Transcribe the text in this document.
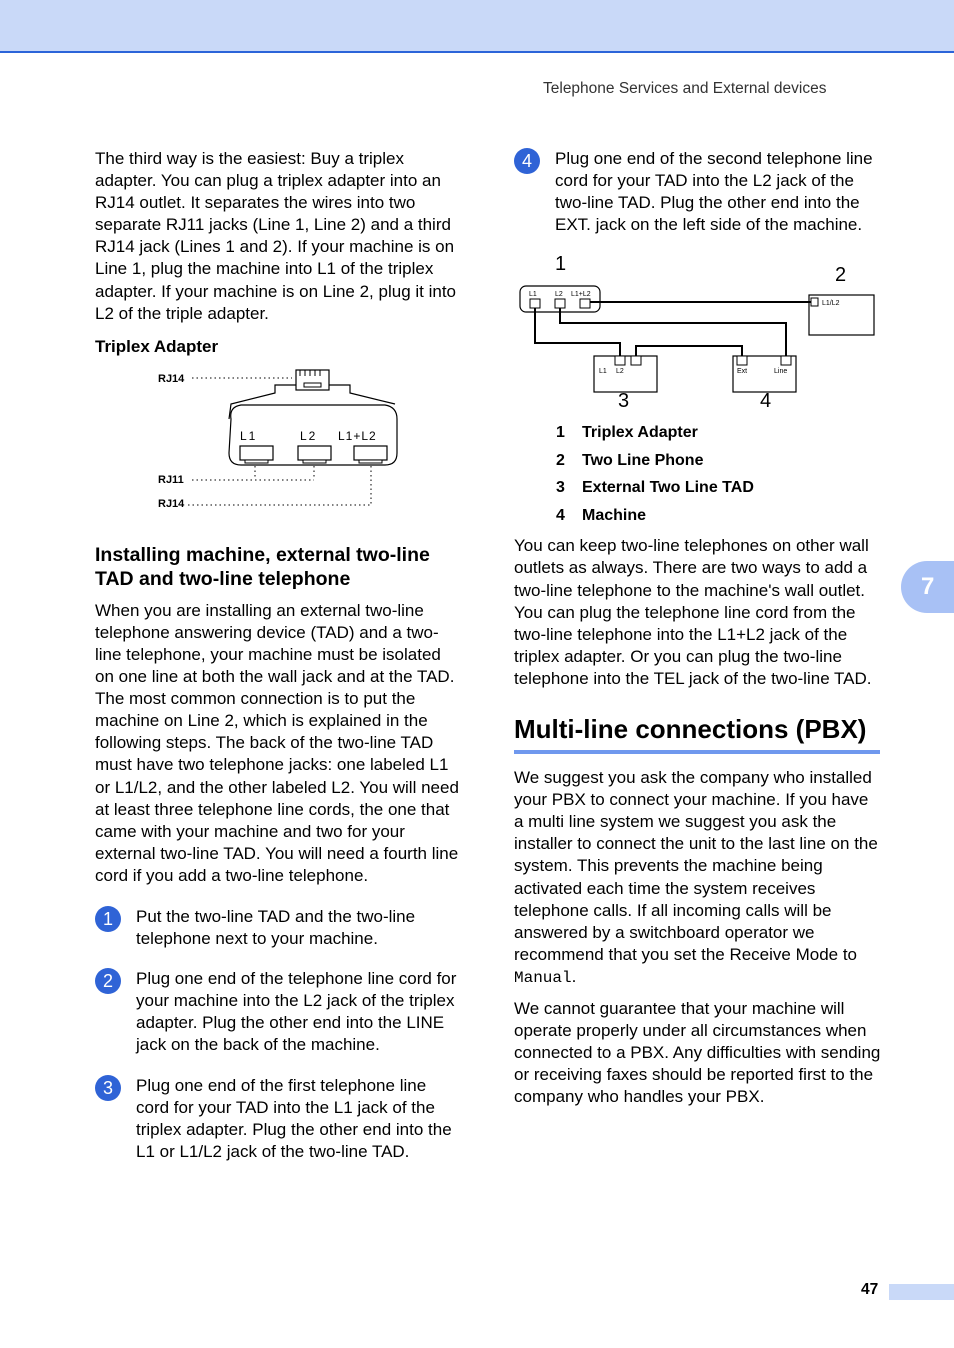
Telephone Services and External devices

The third way is the easiest: Buy a triplex adapter. You can plug a triplex adapter into an RJ14 outlet. It separates the wires into two separate RJ11 jacks (Line 1, Line 2) and a third RJ14 jack (Lines 1 and 2). If your machine is on Line 1, plug the machine into L1 of the triplex adapter. If your machine is on Line 2, plug it into L2 of the triple adapter.

Triplex Adapter

RJ14
L1	L2 L1+L2
RJ11
RJ14
Installing machine, external two-line TAD and two-line telephone

When you are installing an external two-line telephone answering device (TAD) and a two-line telephone, your machine must be isolated on one line at both the wall jack and at the TAD. The most common connection is to put the machine on Line 2, which is explained in the following steps. The back of the two-line TAD must have two telephone jacks: one labeled L1 or L1/L2, and the other labeled L2. You will need at least three telephone line cords, the one that came with your machine and two for your external two-line TAD. You will need a fourth line cord if you add a two-line telephone.

1	Put the two-line TAD and the two-line telephone next to your machine.

2	Plug one end of the telephone line cord for your machine into the L2 jack of the triplex adapter. Plug the other end into the LINE jack on the back of the machine.

3	Plug one end of the first telephone line cord for your TAD into the L1 jack of the triplex adapter. Plug the other end into the L1 or L1/L2 jack of the two-line TAD.

4	Plug one end of the second telephone line cord for your TAD into the L2 jack of the two-line TAD. Plug the other end into the EXT. jack on the left side of the machine.

1	2
L1	L2 L1+L2
L1/L2
L1 L2	Ext	Line
3	4
1	Triplex Adapter
2	Two Line Phone
3	External Two Line TAD
4	Machine

You can keep two-line telephones on other wall outlets as always. There are two ways to add a two-line telephone to the machine's wall outlet. You can plug the telephone line cord from the two-line telephone into the L1+L2 jack of the triplex adapter. Or you can plug the two-line telephone into the TEL jack of the two-line TAD.

Multi-line connections (PBX)

We suggest you ask the company who installed your PBX to connect your machine. If you have a multi line system we suggest you ask the installer to connect the unit to the last line on the system. This prevents the machine being activated each time the system receives telephone calls. If all incoming calls will be answered by a switchboard operator we recommend that you set the Receive Mode to Manual.

We cannot guarantee that your machine will operate properly under all circumstances when connected to a PBX. Any difficulties with sending or receiving faxes should be reported first to the company who handles your PBX.

7
47
